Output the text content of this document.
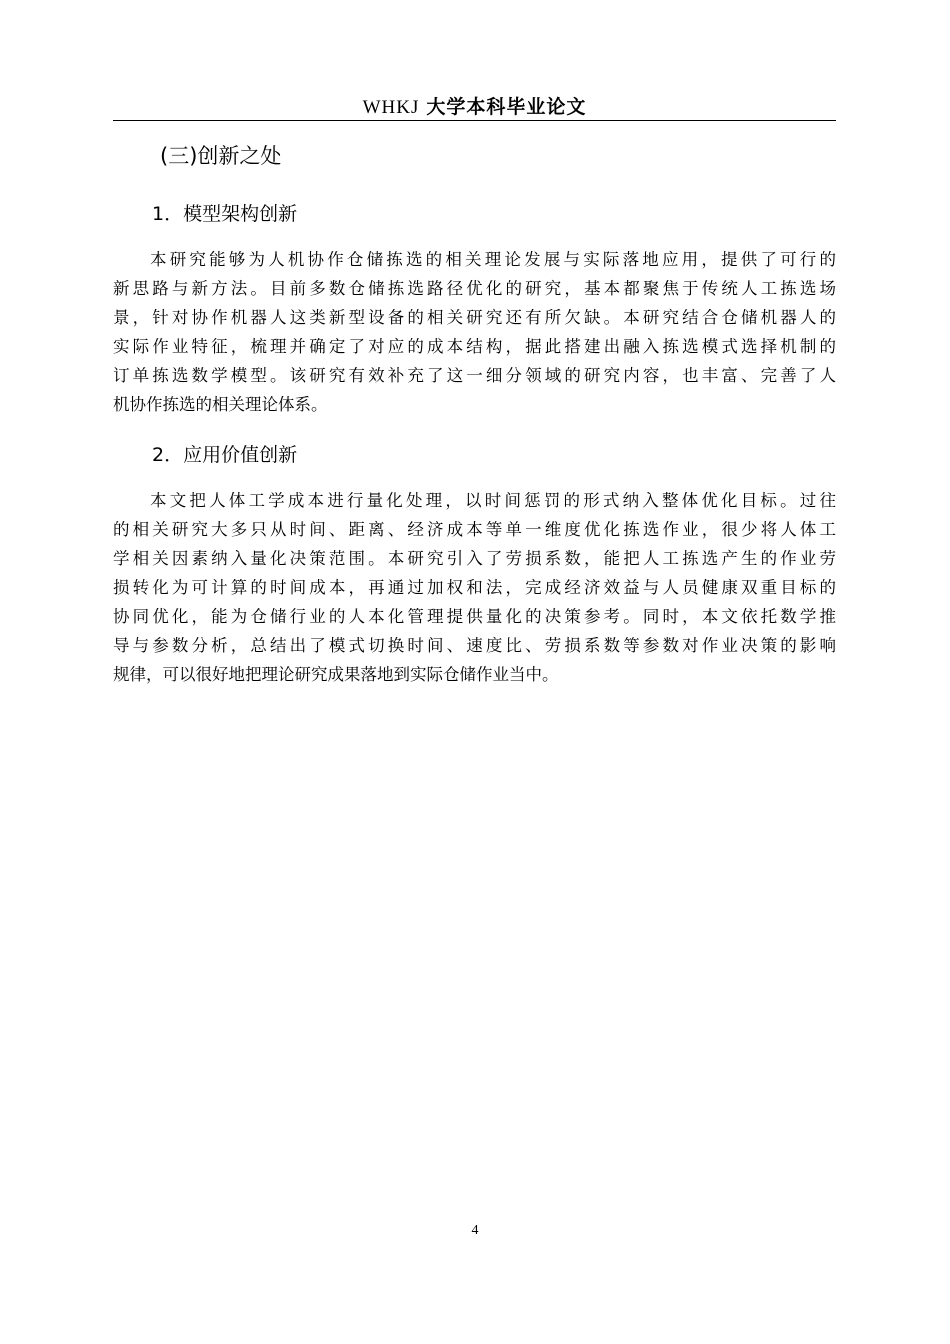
WHKJ 大学本科毕业论文
(三)创新之处
1．模型架构创新
本研究能够为人机协作仓储拣选的相关理论发展与实际落地应用，提供了可行的
新思路与新方法。目前多数仓储拣选路径优化的研究，基本都聚焦于传统人工拣选场
景，针对协作机器人这类新型设备的相关研究还有所欠缺。本研究结合仓储机器人的
实际作业特征，梳理并确定了对应的成本结构，据此搭建出融入拣选模式选择机制的
订单拣选数学模型。该研究有效补充了这一细分领域的研究内容，也丰富、完善了人
机协作拣选的相关理论体系。
2．应用价值创新
本文把人体工学成本进行量化处理，以时间惩罚的形式纳入整体优化目标。过往
的相关研究大多只从时间、距离、经济成本等单一维度优化拣选作业，很少将人体工
学相关因素纳入量化决策范围。本研究引入了劳损系数，能把人工拣选产生的作业劳
损转化为可计算的时间成本，再通过加权和法，完成经济效益与人员健康双重目标的
协同优化，能为仓储行业的人本化管理提供量化的决策参考。同时，本文依托数学推
导与参数分析，总结出了模式切换时间、速度比、劳损系数等参数对作业决策的影响
规律，可以很好地把理论研究成果落地到实际仓储作业当中。
4
